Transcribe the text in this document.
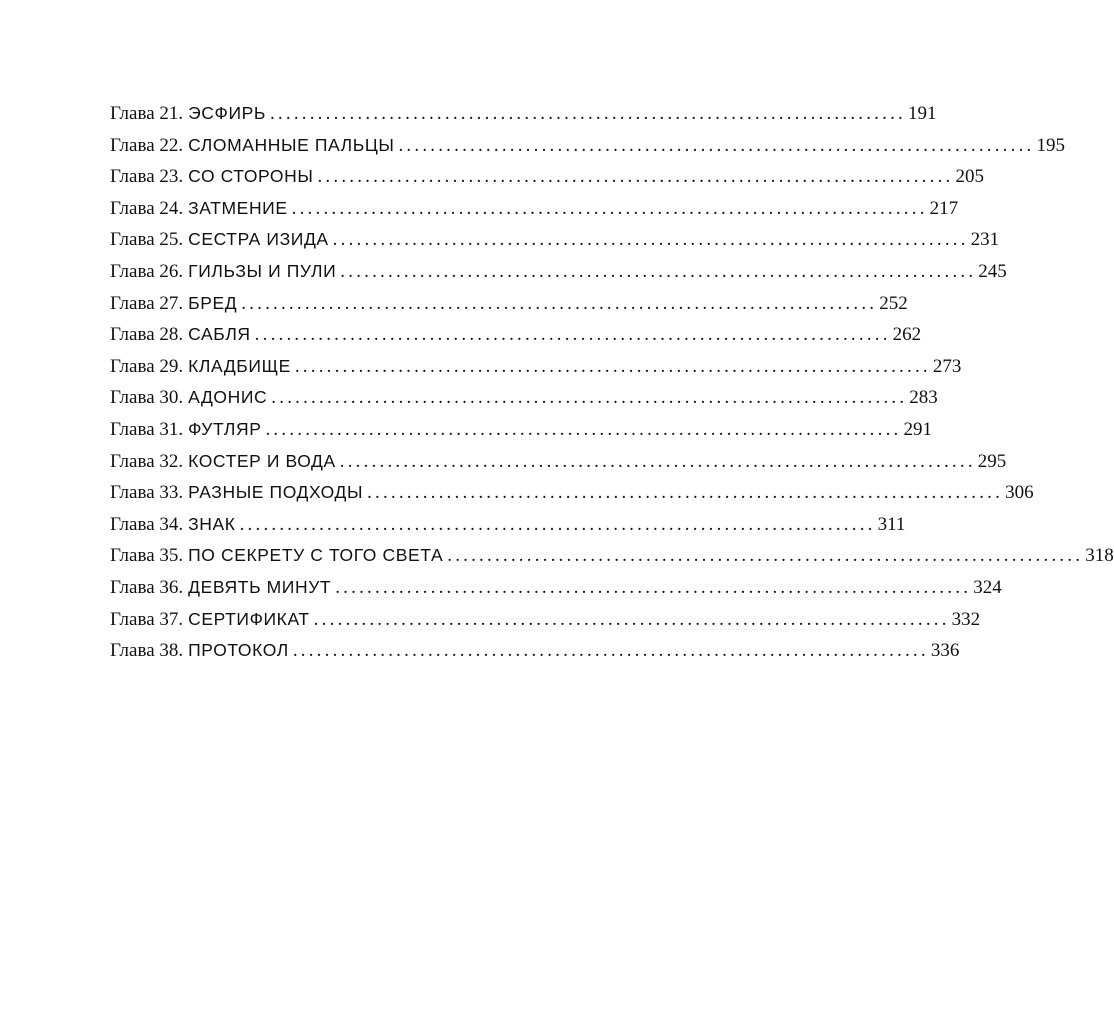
Глава 21. ЭСФИРЬ ................................................................................ 191
Глава 22. СЛОМАННЫЕ ПАЛЬЦЫ ................................................................................ 195
Глава 23. СО СТОРОНЫ ................................................................................ 205
Глава 24. ЗАТМЕНИЕ ................................................................................ 217
Глава 25. СЕСТРА ИЗИДА ................................................................................ 231
Глава 26. ГИЛЬЗЫ И ПУЛИ ................................................................................ 245
Глава 27. БРЕД ................................................................................ 252
Глава 28. САБЛЯ ................................................................................ 262
Глава 29. КЛАДБИЩЕ ................................................................................ 273
Глава 30. АДОНИС ................................................................................ 283
Глава 31. ФУТЛЯР ................................................................................ 291
Глава 32. КОСТЕР И ВОДА ................................................................................ 295
Глава 33. РАЗНЫЕ ПОДХОДЫ ................................................................................ 306
Глава 34. ЗНАК ................................................................................ 311
Глава 35. ПО СЕКРЕТУ С ТОГО СВЕТА ................................................................................ 318
Глава 36. ДЕВЯТЬ МИНУТ ................................................................................ 324
Глава 37. СЕРТИФИКАТ ................................................................................ 332
Глава 38. ПРОТОКОЛ ................................................................................ 336
